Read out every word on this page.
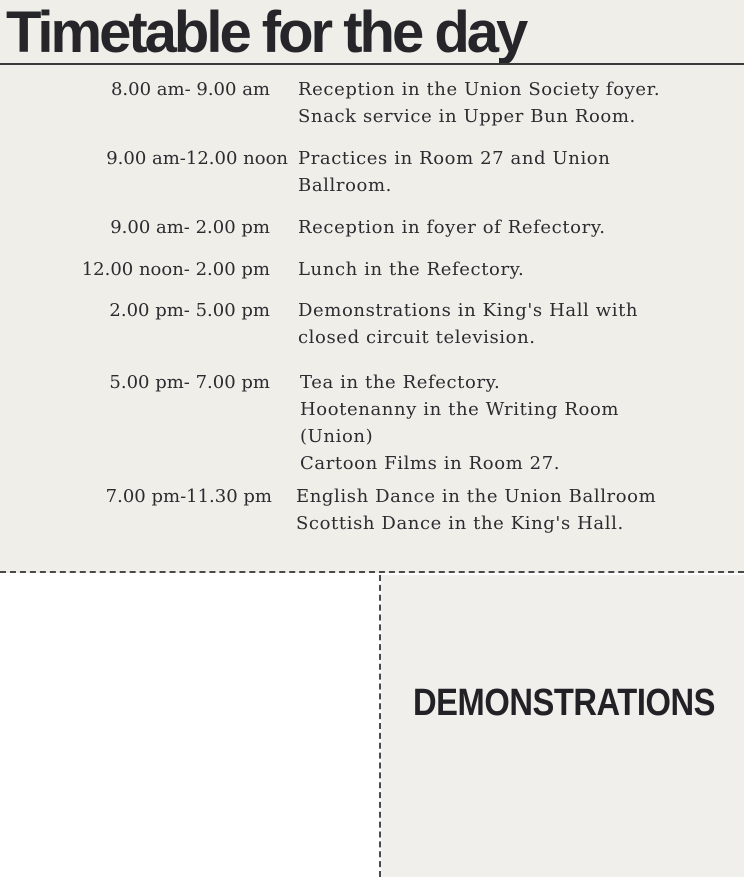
Timetable for the day
8.00 am- 9.00 am Reception in the Union Society foyer.
Snack service in Upper Bun Room.

9.00 am-12.00 noon Practices in Room 27 and Union
Ballroom.

9.00 am- 2.00 pm Reception in foyer of Refectory.

12.00 noon- 2.00 pm Lunch in the Refectory.

2.00 pm- 5.00 pm Demonstrations in King's Hall with
closed circuit television.

5.00 pm- 7.00 pm Tea in the Refectory.
Hootenanny in the Writing Room
(Union)
Cartoon Films in Room 27.

7.00 pm-11.30 pm English Dance in the Union Ballroom
Scottish Dance in the King's Hall.

DEMONSTRATIONS
